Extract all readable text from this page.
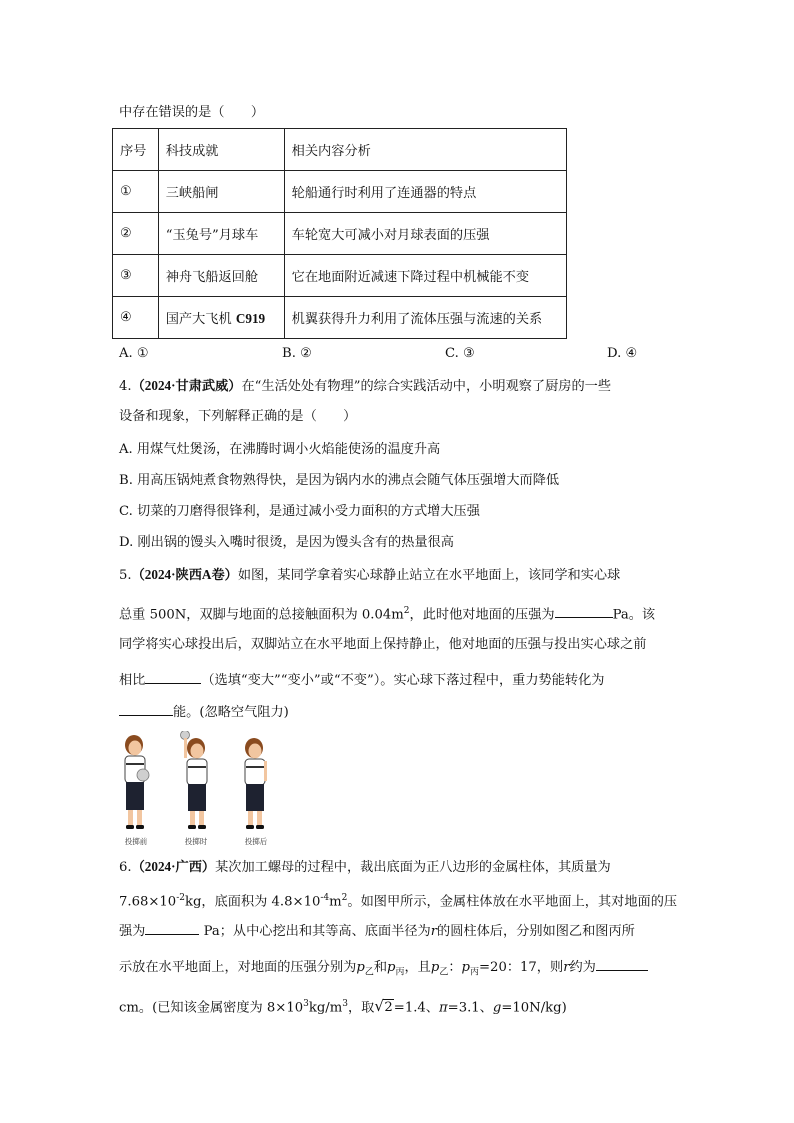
中存在错误的是（　　）
序号	科技成就	相关内容分析
①	三峡船闸	轮船通行时利用了连通器的特点
②	“玉兔号”月球车	车轮宽大可减小对月球表面的压强
③	神舟飞船返回舱	它在地面附近减速下降过程中机械能不变
④	国产大飞机 C919	机翼获得升力利用了流体压强与流速的关系
A. ①	B. ②	C. ③	D. ④
4.（2024·甘肃武威）在“生活处处有物理”的综合实践活动中，小明观察了厨房的一些
设备和现象，下列解释正确的是（　　）
A. 用煤气灶煲汤，在沸腾时调小火焰能使汤的温度升高
B. 用高压锅炖煮食物熟得快，是因为锅内水的沸点会随气体压强增大而降低
C. 切菜的刀磨得很锋利，是通过减小受力面积的方式增大压强
D. 刚出锅的馒头入嘴时很烫，是因为馒头含有的热量很高
5.（2024·陕西A卷）如图，某同学拿着实心球静止站立在水平地面上，该同学和实心球
总重 500N，双脚与地面的总接触面积为 $0.04m^2$，此时他对地面的压强为	Pa。该
同学将实心球投出后，双脚站立在水平地面上保持静止，他对地面的压强与投出实心球之前
相比	（选填“变大”“变小”或“不变”）。实心球下落过程中，重力势能转化为
能。(忽略空气阻力)
投掷前	投掷时	投掷后
6.（2024·广西）某次加工螺母的过程中，裁出底面为正八边形的金属柱体，其质量为
$7.68\times 10^{-2}kg$，底面积为 $4.8\times 10^{-4}m^2$。如图甲所示，金属柱体放在水平地面上，其对地面的压
强为	Pa；从中心挖出和其等高、底面半径为r的圆柱体后，分别如图乙和图丙所
示放在水平地面上，对地面的压强分别为$p_乙$和$p_丙$，且$p_乙$：$p_丙=20$：17，则r约为
cm。(已知该金属密度为 $8\times 10^3kg/m^3$，取 √ 2=1.4、π=3.1、g=10N/kg)
